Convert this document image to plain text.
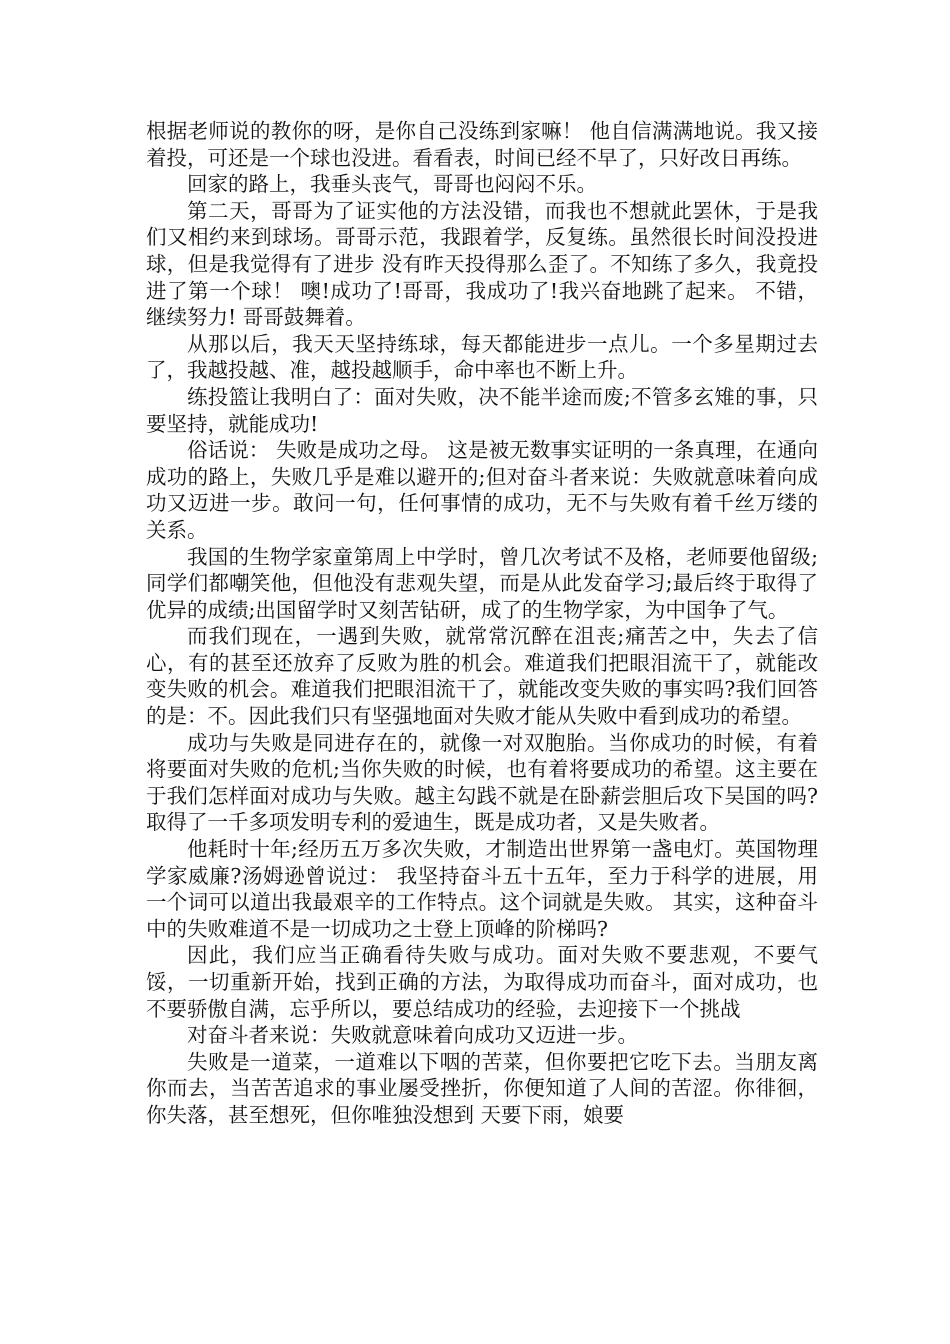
根据老师说的教你的呀，是你自己没练到家嘛！ 他自信满满地说。我又接着投，可还是一个球也没进。看看表，时间已经不早了，只好改日再练。

回家的路上，我垂头丧气，哥哥也闷闷不乐。

第二天，哥哥为了证实他的方法没错，而我也不想就此罢休，于是我们又相约来到球场。哥哥示范，我跟着学，反复练。虽然很长时间没投进球，但是我觉得有了进步 没有昨天投得那么歪了。不知练了多久，我竟投进了第一个球！ 噢!成功了!哥哥，我成功了!我兴奋地跳了起来。 不错，继续努力! 哥哥鼓舞着。

从那以后，我天天坚持练球，每天都能进步一点儿。一个多星期过去了，我越投越、准，越投越顺手，命中率也不断上升。

练投篮让我明白了：面对失败，决不能半途而废;不管多玄雉的事，只要坚持，就能成功!

俗话说： 失败是成功之母。 这是被无数事实证明的一条真理，在通向成功的路上，失败几乎是难以避开的;但对奋斗者来说：失败就意味着向成功又迈进一步。敢问一句，任何事情的成功，无不与失败有着千丝万缕的关系。

我国的生物学家童第周上中学时，曾几次考试不及格，老师要他留级;同学们都嘲笑他，但他没有悲观失望，而是从此发奋学习;最后终于取得了优异的成绩;出国留学时又刻苦钻研，成了的生物学家，为中国争了气。

而我们现在，一遇到失败，就常常沉醉在沮丧;痛苦之中，失去了信心，有的甚至还放弃了反败为胜的机会。难道我们把眼泪流干了，就能改变失败的机会。难道我们把眼泪流干了，就能改变失败的事实吗?我们回答的是：不。因此我们只有坚强地面对失败才能从失败中看到成功的希望。

成功与失败是同进存在的，就像一对双胞胎。当你成功的时候，有着将要面对失败的危机;当你失败的时候，也有着将要成功的希望。这主要在于我们怎样面对成功与失败。越主勾践不就是在卧薪尝胆后攻下吴国的吗?取得了一千多项发明专利的爱迪生，既是成功者，又是失败者。

他耗时十年;经历五万多次失败，才制造出世界第一盏电灯。英国物理学家威廉?汤姆逊曾说过： 我坚持奋斗五十五年，至力于科学的进展，用一个词可以道出我最艰辛的工作特点。这个词就是失败。 其实，这种奋斗中的失败难道不是一切成功之士登上顶峰的阶梯吗?

因此，我们应当正确看待失败与成功。面对失败不要悲观，不要气馁，一切重新开始，找到正确的方法，为取得成功而奋斗，面对成功，也不要骄傲自满，忘乎所以，要总结成功的经验，去迎接下一个挑战

对奋斗者来说：失败就意味着向成功又迈进一步。

失败是一道菜，一道难以下咽的苦菜，但你要把它吃下去。当朋友离你而去，当苦苦追求的事业屡受挫折，你便知道了人间的苦涩。你徘徊，你失落，甚至想死，但你唯独没想到 天要下雨，娘要
